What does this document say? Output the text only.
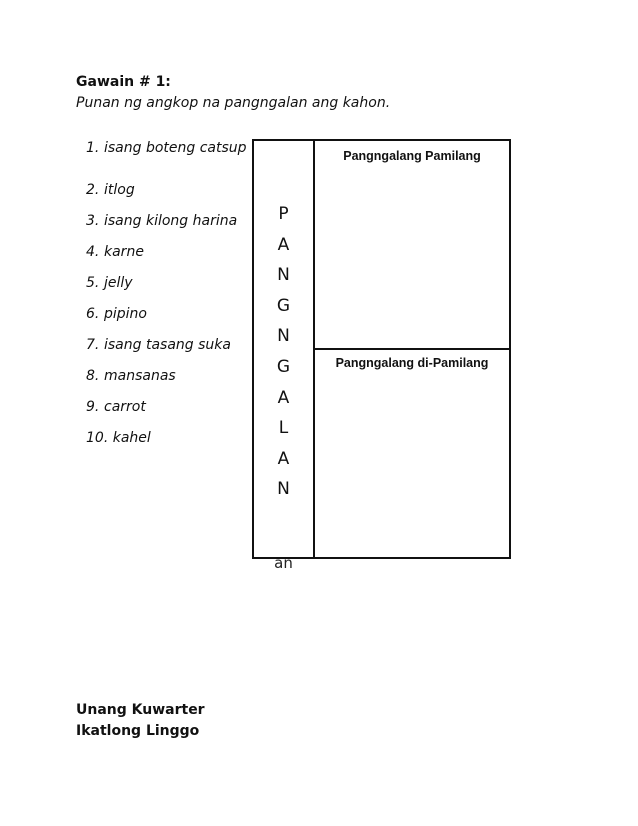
Gawain # 1:
Punan ng angkop na pangngalan ang kahon.
1. isang boteng catsup
2. itlog
3. isang kilong harina
4. karne
5. jelly
6. pipino
7. isang tasang suka
8. mansanas
9. carrot
10. kahel
P
A
N
G
N
G
A
L
A
N
an
Pangngalang Pamilang
Pangngalang di-Pamilang
Unang Kuwarter
Ikatlong Linggo
